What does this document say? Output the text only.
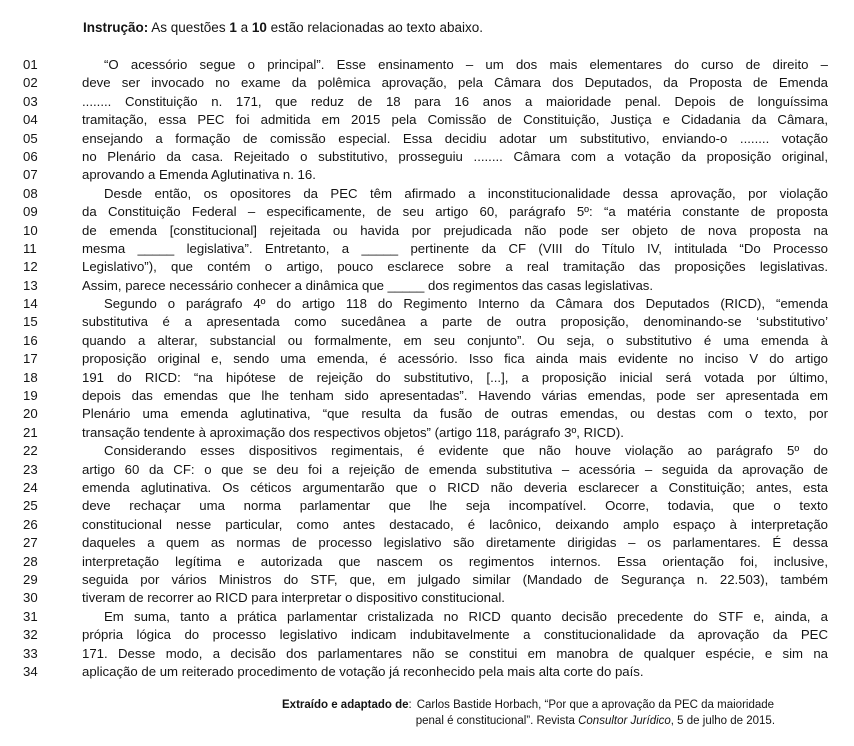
Instrução: As questões 1 a 10 estão relacionadas ao texto abaixo.
01	“O acessório segue o principal”. Esse ensinamento – um dos mais elementares do curso de direito –
02	deve ser invocado no exame da polêmica aprovação, pela Câmara dos Deputados, da Proposta de Emenda
03	........ Constituição n. 171, que reduz de 18 para 16 anos a maioridade penal. Depois de longuíssima
04	tramitação, essa PEC foi admitida em 2015 pela Comissão de Constituição, Justiça e Cidadania da Câmara,
05	ensejando a formação de comissão especial. Essa decidiu adotar um substitutivo, enviando-o ........ votação
06	no Plenário da casa. Rejeitado o substitutivo, prosseguiu ........ Câmara com a votação da proposição original,
07	aprovando a Emenda Aglutinativa n. 16.
08	Desde então, os opositores da PEC têm afirmado a inconstitucionalidade dessa aprovação, por violação
09	da Constituição Federal – especificamente, de seu artigo 60, parágrafo 5º: “a matéria constante de proposta
10	de emenda [constitucional] rejeitada ou havida por prejudicada não pode ser objeto de nova proposta na
11	mesma _____ legislativa”. Entretanto, a _____ pertinente da CF (VIII do Título IV, intitulada “Do Processo
12	Legislativo”), que contém o artigo, pouco esclarece sobre a real tramitação das proposições legislativas.
13	Assim, parece necessário conhecer a dinâmica que _____ dos regimentos das casas legislativas.
14	Segundo o parágrafo 4º do artigo 118 do Regimento Interno da Câmara dos Deputados (RICD), “emenda
15	substitutiva é a apresentada como sucedânea a parte de outra proposição, denominando-se ‘substitutivo’
16	quando a alterar, substancial ou formalmente, em seu conjunto”. Ou seja, o substitutivo é uma emenda à
17	proposição original e, sendo uma emenda, é acessório. Isso fica ainda mais evidente no inciso V do artigo
18	191 do RICD: “na hipótese de rejeição do substitutivo, [...], a proposição inicial será votada por último,
19	depois das emendas que lhe tenham sido apresentadas”. Havendo várias emendas, pode ser apresentada em
20	Plenário uma emenda aglutinativa, “que resulta da fusão de outras emendas, ou destas com o texto, por
21	transação tendente à aproximação dos respectivos objetos” (artigo 118, parágrafo 3º, RICD).
22	Considerando esses dispositivos regimentais, é evidente que não houve violação ao parágrafo 5º do
23	artigo 60 da CF: o que se deu foi a rejeição de emenda substitutiva – acessória – seguida da aprovação de
24	emenda aglutinativa. Os céticos argumentarão que o RICD não deveria esclarecer a Constituição; antes, esta
25	deve rechaçar uma norma parlamentar que lhe seja incompatível. Ocorre, todavia, que o texto
26	constitucional nesse particular, como antes destacado, é lacônico, deixando amplo espaço à interpretação
27	daqueles a quem as normas de processo legislativo são diretamente dirigidas – os parlamentares. É dessa
28	interpretação legítima e autorizada que nascem os regimentos internos. Essa orientação foi, inclusive,
29	seguida por vários Ministros do STF, que, em julgado similar (Mandado de Segurança n. 22.503), também
30	tiveram de recorrer ao RICD para interpretar o dispositivo constitucional.
31	Em suma, tanto a prática parlamentar cristalizada no RICD quanto decisão precedente do STF e, ainda, a
32	própria lógica do processo legislativo indicam indubitavelmente a constitucionalidade da aprovação da PEC
33	171. Desse modo, a decisão dos parlamentares não se constitui em manobra de qualquer espécie, e sim na
34	aplicação de um reiterado procedimento de votação já reconhecido pela mais alta corte do país.
Extraído e adaptado de: Carlos Bastide Horbach, “Por que a aprovação da PEC da maioridade
penal é constitucional”. Revista Consultor Jurídico, 5 de julho de 2015.
